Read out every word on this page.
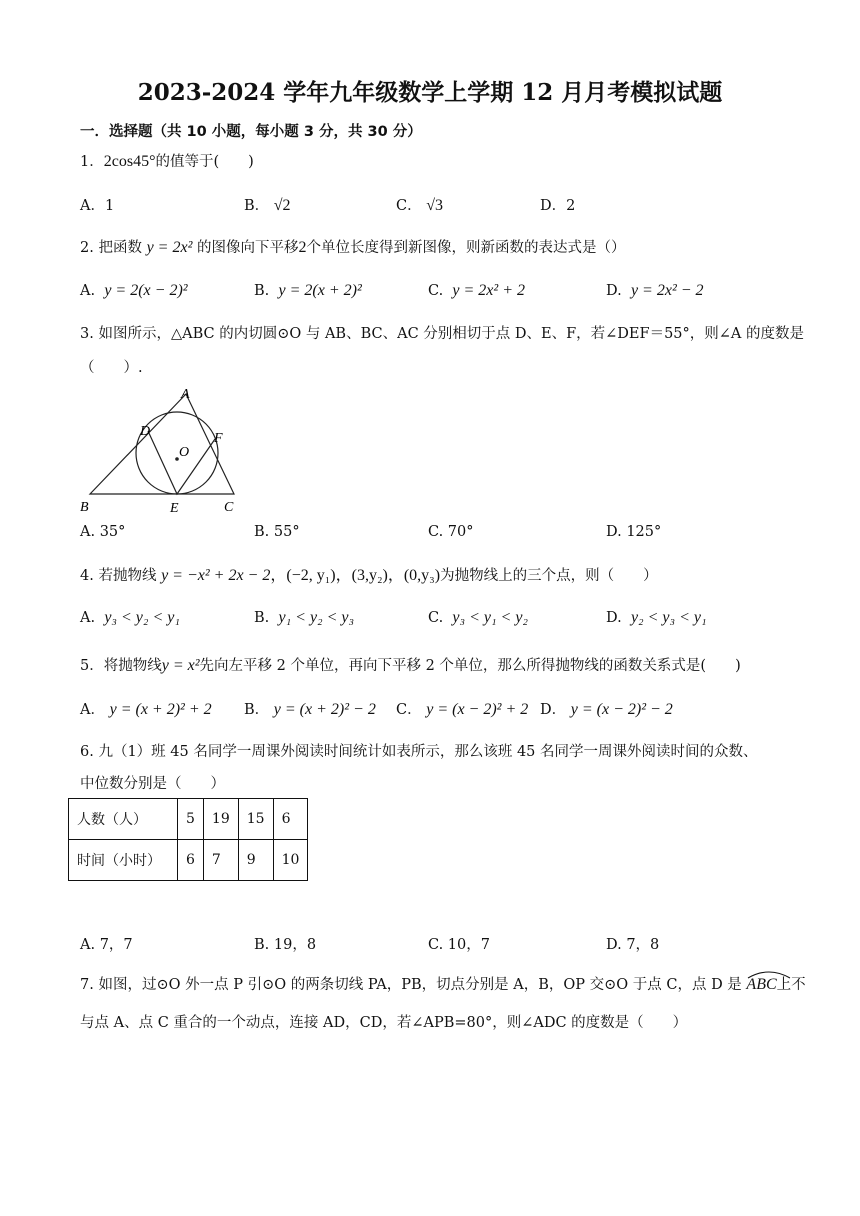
2023-2024 学年九年级数学上学期 12 月月考模拟试题
一．选择题（共 10 小题，每小题 3 分，共 30 分）
1．2cos45°的值等于(　　)
A．1	B． √2	C． √3	D．2
2. 把函数 y = 2x² 的图像向下平移2个单位长度得到新图像，则新函数的表达式是（）
A. y = 2(x − 2)²	B. y = 2(x + 2)²	C. y = 2x² + 2	D. y = 2x² − 2
3. 如图所示，△ABC 的内切圆⊙O 与 AB、BC、AC 分别相切于点 D、E、F，若∠DEF＝55°，则∠A 的度数是
（　　）.
A
D
O
F
B	E	C
A. 35°	B. 55°	C. 70°	D. 125°
4. 若抛物线 y = −x² + 2x − 2，(−2, y₁)，(3,y₂)，(0,y₃)为抛物线上的三个点，则（　　）
A. y₃ < y₂ < y₁	B. y₁ < y₂ < y₃	C. y₃ < y₁ < y₂	D. y₂ < y₃ < y₁
5．将抛物线y = x²先向左平移 2 个单位，再向下平移 2 个单位，那么所得抛物线的函数关系式是(　　)
A． y = (x + 2)² + 2 B． y = (x + 2)² − 2 C． y = (x − 2)² + 2 D． y = (x − 2)² − 2
6. 九（1）班 45 名同学一周课外阅读时间统计如表所示，那么该班 45 名同学一周课外阅读时间的众数、
中位数分别是（　　）
人数（人）	5	19	15	6
时间（小时）	6	7	9	10
A. 7，7	B. 19，8	C. 10，7	D. 7，8
7. 如图，过⊙O 外一点 P 引⊙O 的两条切线 PA，PB，切点分别是 A，B，OP 交⊙O 于点 C，点 D 是 ABC上不
与点 A、点 C 重合的一个动点，连接 AD，CD，若∠APB=80°，则∠ADC 的度数是（　　）
